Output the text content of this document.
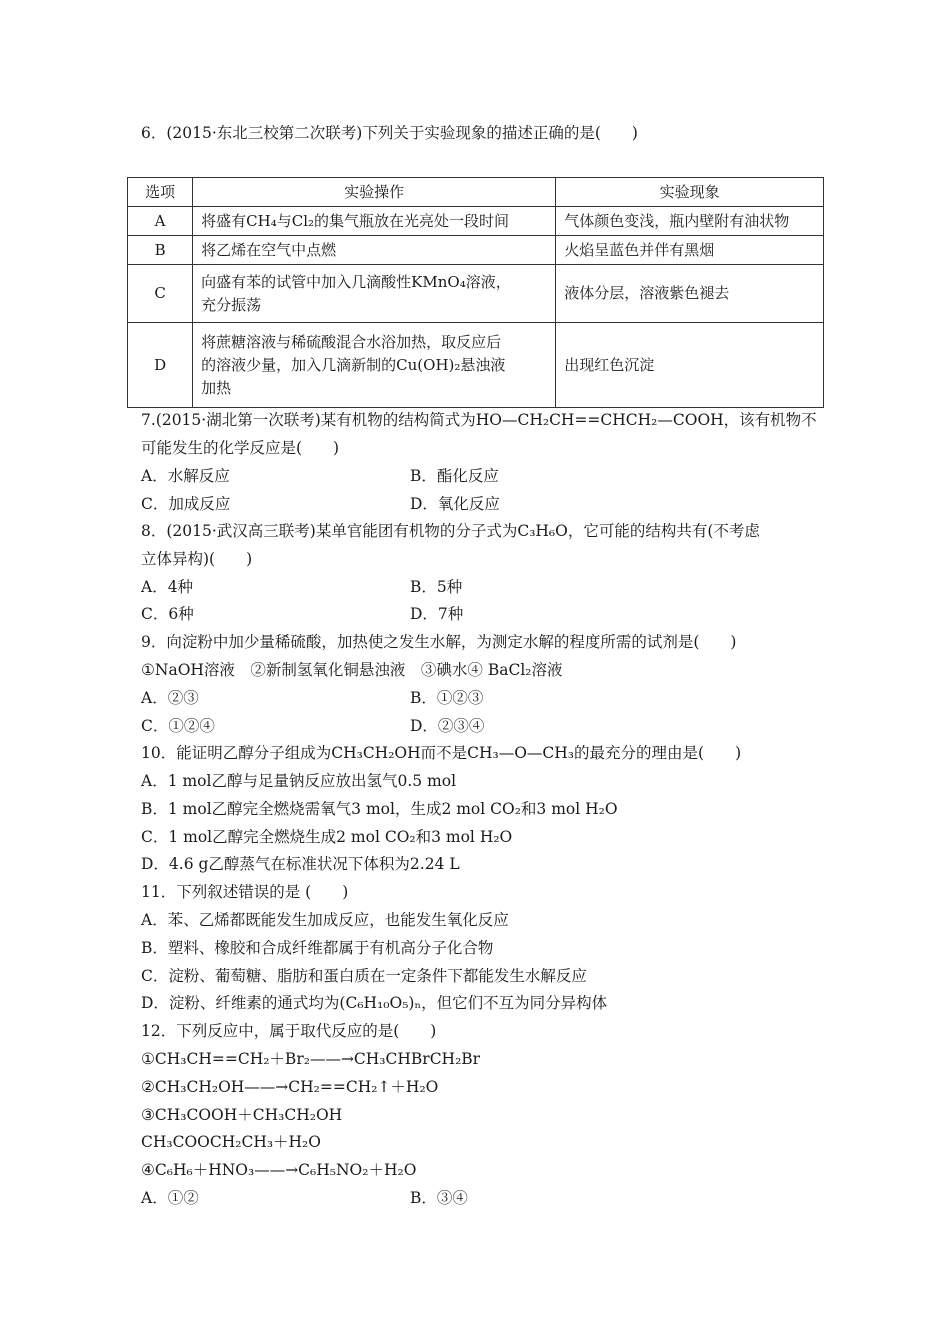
6．(2015·东北三校第二次联考)下列关于实验现象的描述正确的是(　　)
选项	实验操作	实验现象
A	将盛有CH₄与Cl₂的集气瓶放在光亮处一段时间	气体颜色变浅，瓶内壁附有油状物
B	将乙烯在空气中点燃	火焰呈蓝色并伴有黑烟
C	向盛有苯的试管中加入几滴酸性KMnO₄溶液，
充分振荡	液体分层，溶液紫色褪去
D	将蔗糖溶液与稀硫酸混合水浴加热，取反应后
的溶液少量，加入几滴新制的Cu(OH)₂悬浊液
加热	出现红色沉淀
7.(2015·湖北第一次联考)某有机物的结构简式为HO—CH₂CH==CHCH₂—COOH，该有机物不
可能发生的化学反应是(　　)
A．水解反应	B．酯化反应
C．加成反应	D．氧化反应
8．(2015·武汉高三联考)某单官能团有机物的分子式为C₃H₆O，它可能的结构共有(不考虑
立体异构)(　　)
A．4种	B．5种
C．6种	D．7种
9．向淀粉中加少量稀硫酸，加热使之发生水解，为测定水解的程度所需的试剂是(　　)
①NaOH溶液　②新制氢氧化铜悬浊液　③碘水④ BaCl₂溶液
A．②③	B．①②③
C．①②④	D．②③④
10．能证明乙醇分子组成为CH₃CH₂OH而不是CH₃—O—CH₃的最充分的理由是(　　)
A．1 mol乙醇与足量钠反应放出氢气0.5 mol
B．1 mol乙醇完全燃烧需氧气3 mol，生成2 mol CO₂和3 mol H₂O
C．1 mol乙醇完全燃烧生成2 mol CO₂和3 mol H₂O
D．4.6 g乙醇蒸气在标准状况下体积为2.24 L
11．下列叙述错误的是 (　　)
A．苯、乙烯都既能发生加成反应，也能发生氧化反应
B．塑料、橡胶和合成纤维都属于有机高分子化合物
C．淀粉、葡萄糖、脂肪和蛋白质在一定条件下都能发生水解反应
D．淀粉、纤维素的通式均为(C₆H₁₀O₅)ₙ，但它们不互为同分异构体
12．下列反应中，属于取代反应的是(　　)
①CH₃CH==CH₂＋Br₂——→CH₃CHBrCH₂Br
②CH₃CH₂OH——→CH₂==CH₂↑＋H₂O
③CH₃COOH＋CH₃CH₂OH
CH₃COOCH₂CH₃＋H₂O
④C₆H₆＋HNO₃——→C₆H₅NO₂＋H₂O
A．①②	B．③④
